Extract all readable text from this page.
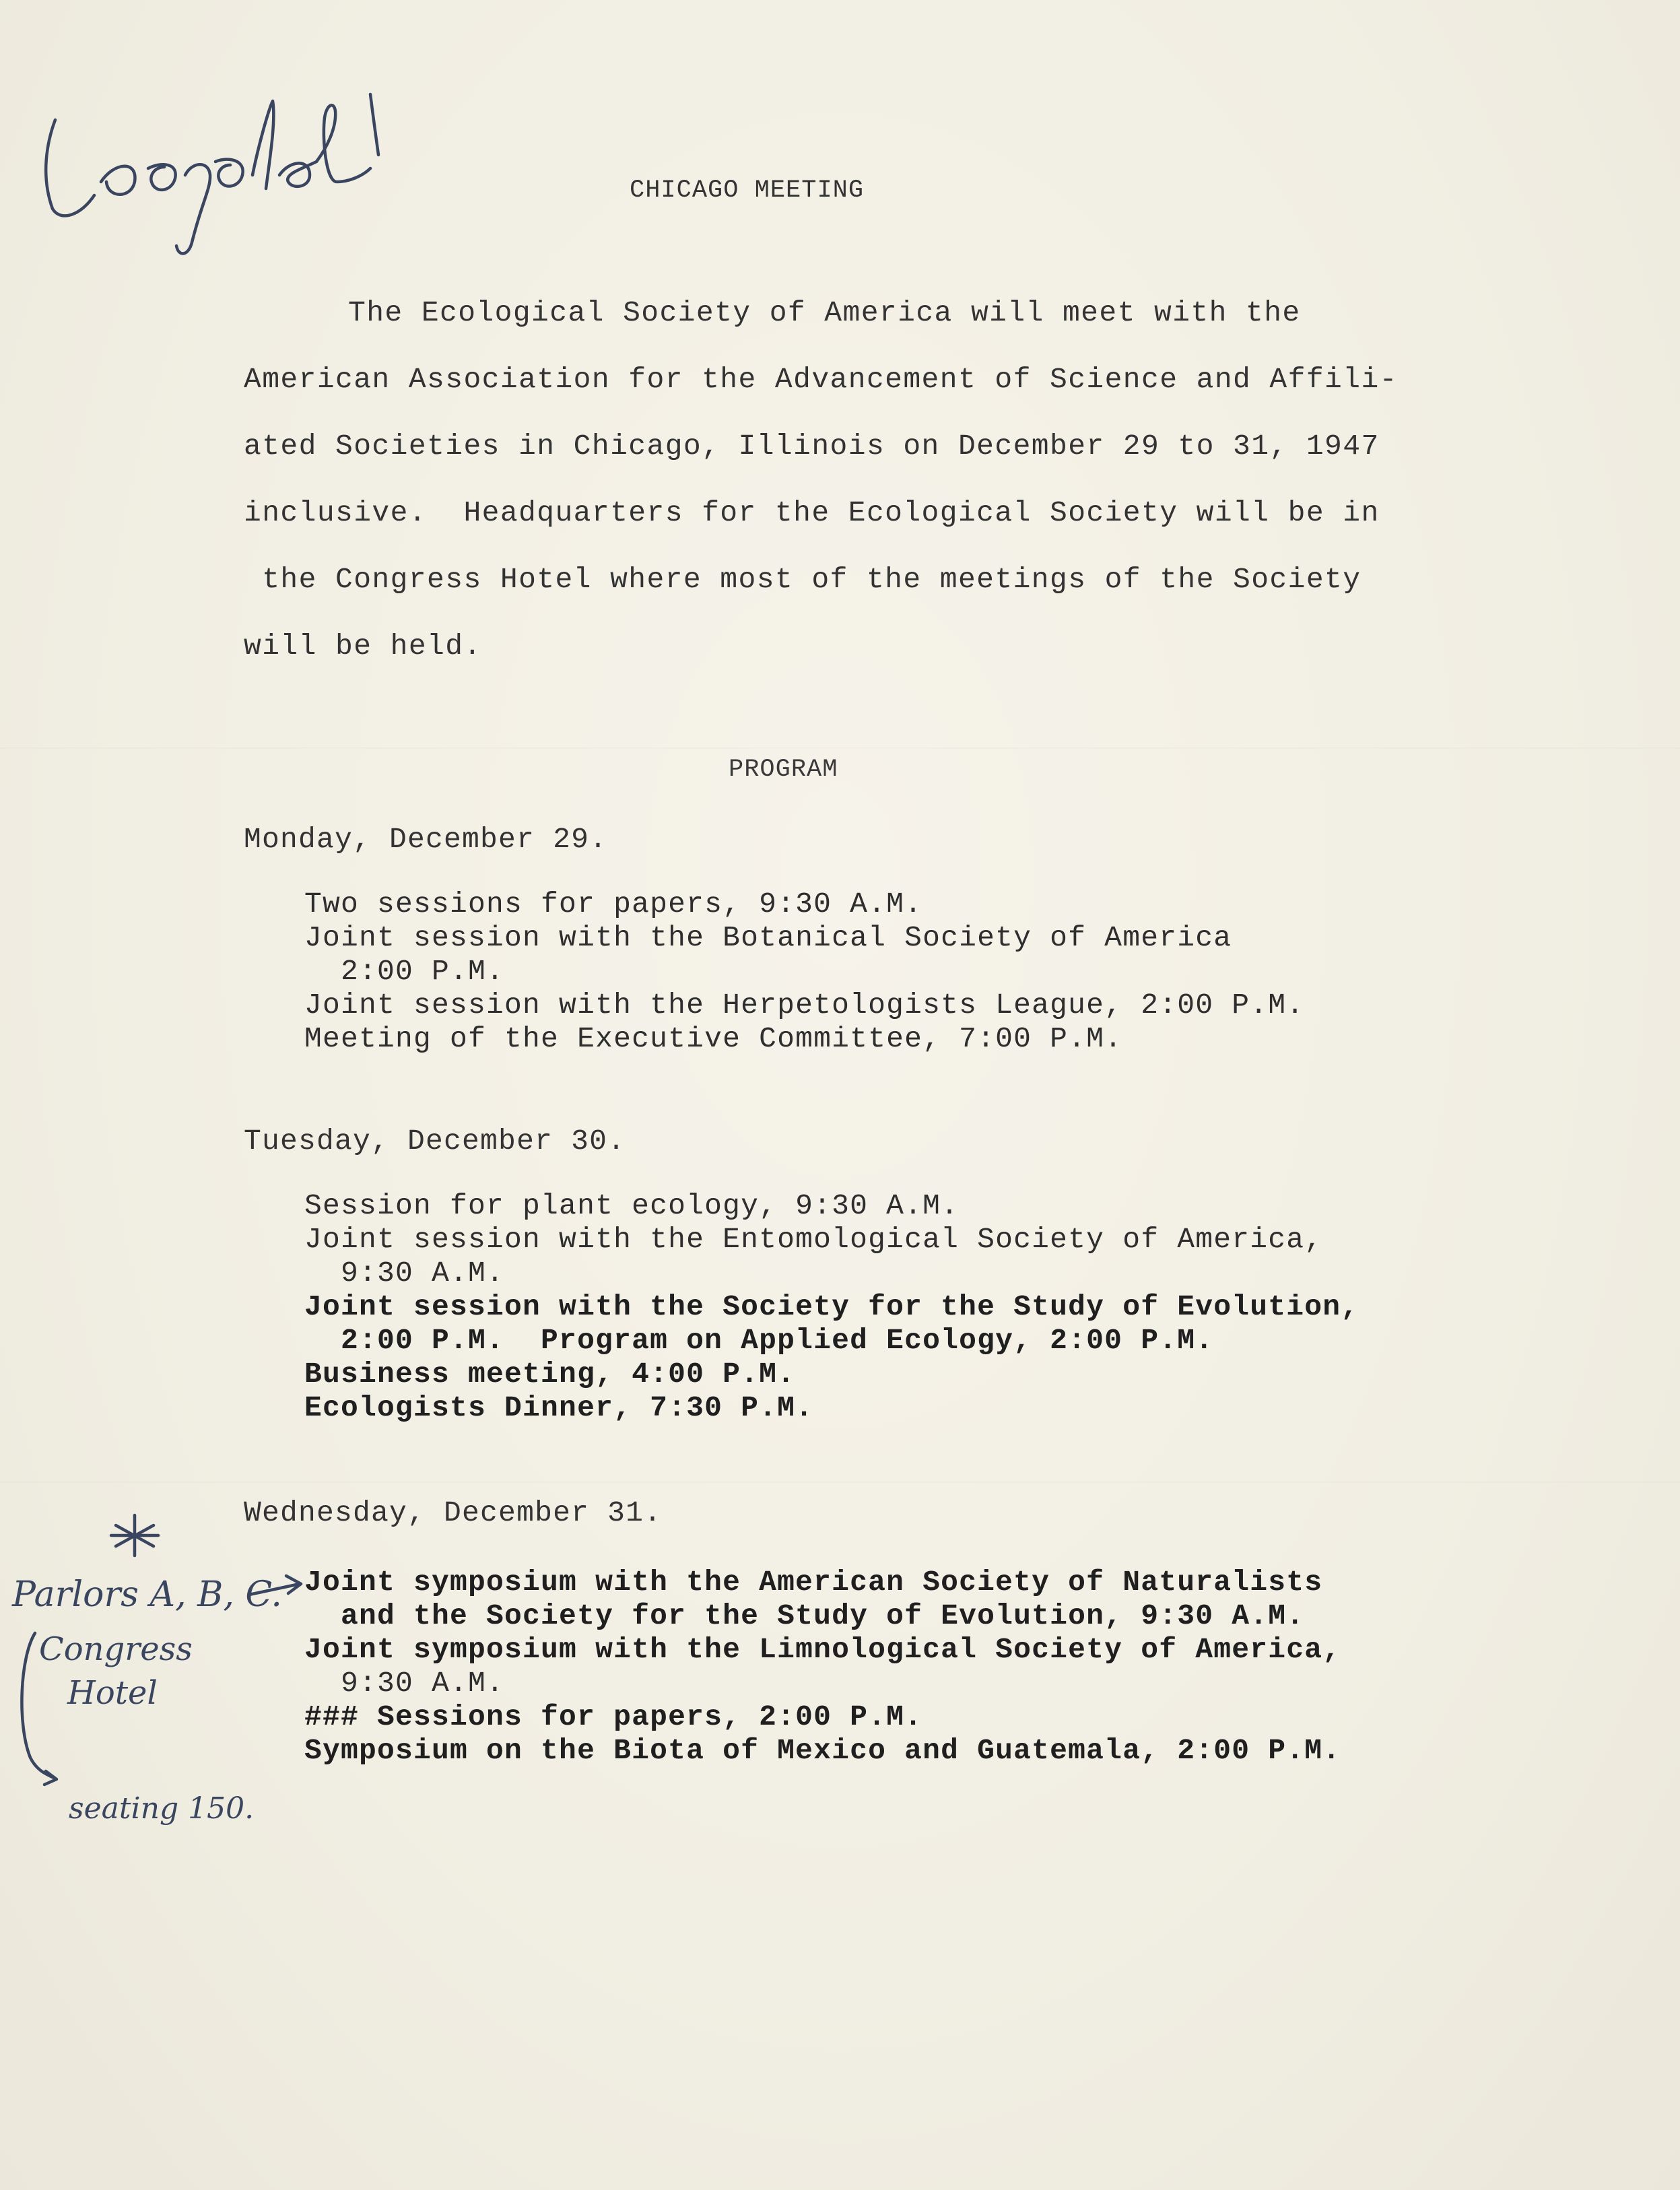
CHICAGO MEETING
The Ecological Society of America will meet with the
American Association for the Advancement of Science and Affili-
ated Societies in Chicago, Illinois on December 29 to 31, 1947
inclusive.  Headquarters for the Ecological Society will be in
the Congress Hotel where most of the meetings of the Society
will be held.
PROGRAM
Monday, December 29.
Two sessions for papers, 9:30 A.M.
Joint session with the Botanical Society of America
2:00 P.M.
Joint session with the Herpetologists League, 2:00 P.M.
Meeting of the Executive Committee, 7:00 P.M.
Tuesday, December 30.
Session for plant ecology, 9:30 A.M.
Joint session with the Entomological Society of America,
9:30 A.M.
Joint session with the Society for the Study of Evolution,
2:00 P.M.  Program on Applied Ecology, 2:00 P.M.
Business meeting, 4:00 P.M.
Ecologists Dinner, 7:30 P.M.
Wednesday, December 31.
Joint symposium with the American Society of Naturalists
and the Society for the Study of Evolution, 9:30 A.M.
Joint symposium with the Limnological Society of America,
9:30 A.M.
### Sessions for papers, 2:00 P.M.
Symposium on the Biota of Mexico and Guatemala, 2:00 P.M.
Parlors A, B, C.
Congress
Hotel
seating 150.
